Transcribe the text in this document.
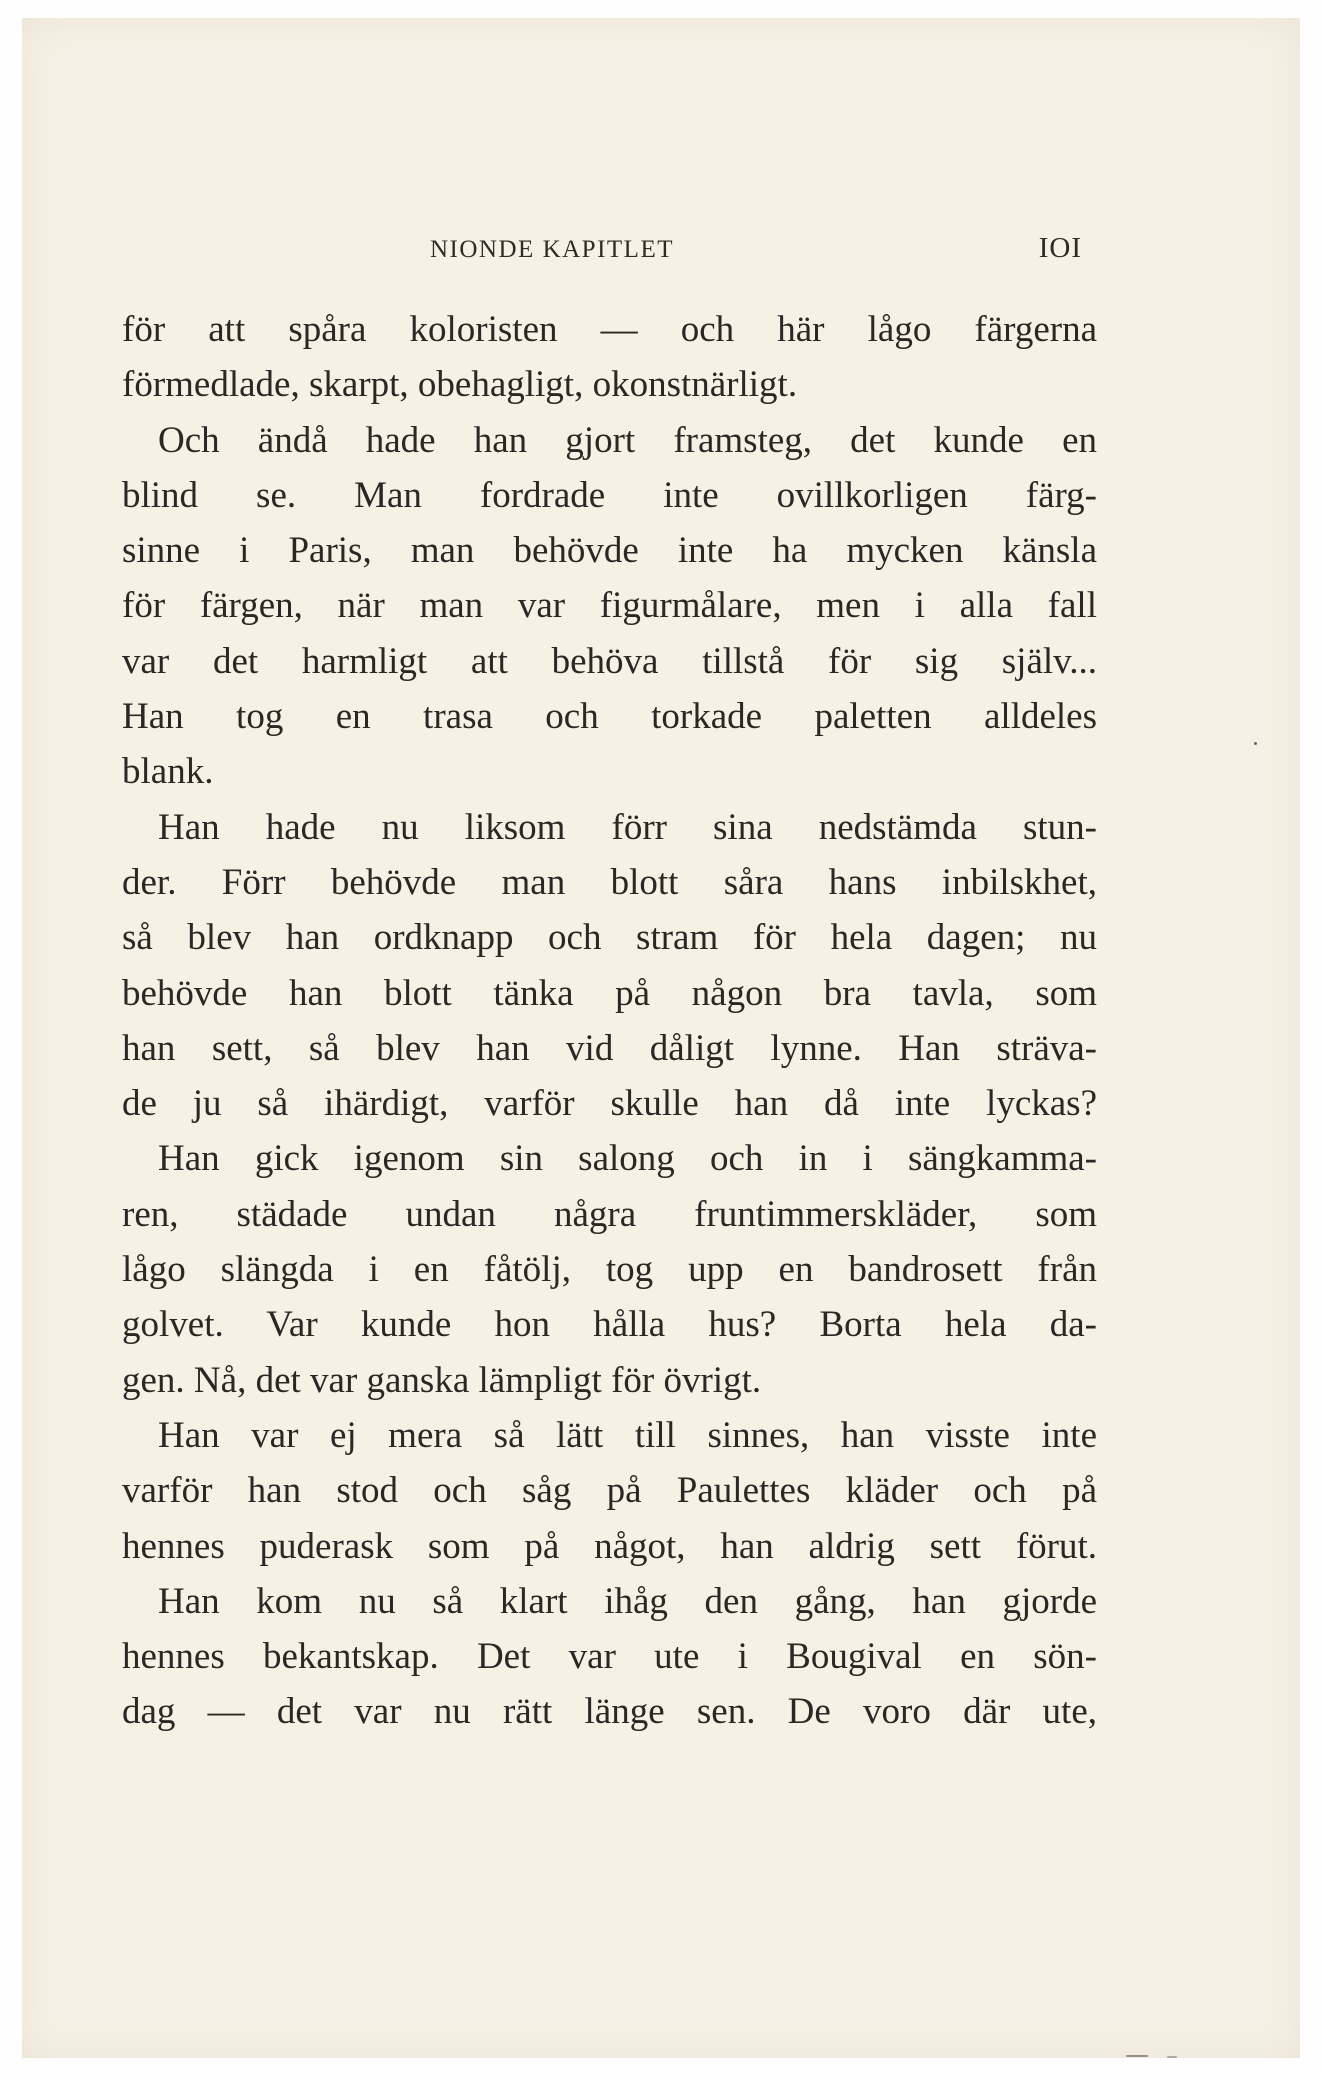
NIONDE KAPITLET	IOI
för att spåra koloristen — och här lågo färgerna
förmedlade, skarpt, obehagligt, okonstnärligt.
Och ändå hade han gjort framsteg, det kunde en
blind se. Man fordrade inte ovillkorligen färg-
sinne i Paris, man behövde inte ha mycken känsla
för färgen, när man var figurmålare, men i alla fall
var det harmligt att behöva tillstå för sig själv...
Han tog en trasa och torkade paletten alldeles
blank.
Han hade nu liksom förr sina nedstämda stun-
der. Förr behövde man blott såra hans inbilskhet,
så blev han ordknapp och stram för hela dagen; nu
behövde han blott tänka på någon bra tavla, som
han sett, så blev han vid dåligt lynne. Han sträva-
de ju så ihärdigt, varför skulle han då inte lyckas?
Han gick igenom sin salong och in i sängkamma-
ren, städade undan några fruntimmerskläder, som
lågo slängda i en fåtölj, tog upp en bandrosett från
golvet. Var kunde hon hålla hus? Borta hela da-
gen. Nå, det var ganska lämpligt för övrigt.
Han var ej mera så lätt till sinnes, han visste inte
varför han stod och såg på Paulettes kläder och på
hennes puderask som på något, han aldrig sett förut.
Han kom nu så klart ihåg den gång, han gjorde
hennes bekantskap. Det var ute i Bougival en sön-
dag — det var nu rätt länge sen. De voro där ute,
